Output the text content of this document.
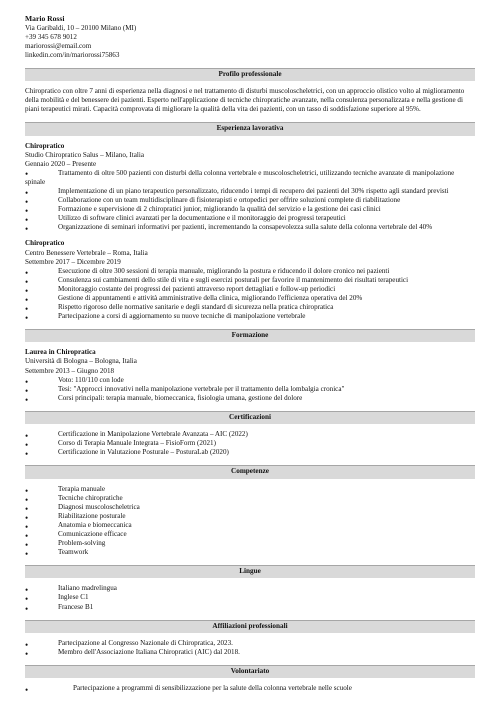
Mario Rossi
Via Garibaldi, 10 – 20100 Milano (MI)
+39 345 678 9012
mariorossi@email.com
linkedin.com/in/mariorossi75863
Profilo professionale

Chiropratico con oltre 7 anni di esperienza nella diagnosi e nel trattamento di disturbi muscoloscheletrici, con un approccio olistico volto al miglioramento della mobilità e del benessere dei pazienti. Esperto nell'applicazione di tecniche chiropratiche avanzate, nella consulenza personalizzata e nella gestione di piani terapeutici mirati. Capacità comprovata di migliorare la qualità della vita dei pazienti, con un tasso di soddisfazione superiore al 95%.

Esperienza lavorativa
Chiropratico
Studio Chiropratico Salus – Milano, Italia
Gennaio 2020 – Presente
•	Trattamento di oltre 500 pazienti con disturbi della colonna vertebrale e muscoloscheletrici, utilizzando tecniche avanzate di manipolazione spinale
• Implementazione di un piano terapeutico personalizzato, riducendo i tempi di recupero dei pazienti del 30% rispetto agli standard previsti
• Collaborazione con un team multidisciplinare di fisioterapisti e ortopedici per offrire soluzioni complete di riabilitazione
• Formazione e supervisione di 2 chiropratici junior, migliorando la qualità del servizio e la gestione dei casi clinici
• Utilizzo di software clinici avanzati per la documentazione e il monitoraggio dei progressi terapeutici
• Organizzazione di seminari informativi per pazienti, incrementando la consapevolezza sulla salute della colonna vertebrale del 40%
Chiropratico
Centro Benessere Vertebrale – Roma, Italia
Settembre 2017 – Dicembre 2019
• Esecuzione di oltre 300 sessioni di terapia manuale, migliorando la postura e riducendo il dolore cronico nei pazienti
• Consulenza sui cambiamenti dello stile di vita e sugli esercizi posturali per favorire il mantenimento dei risultati terapeutici
• Monitoraggio costante dei progressi dei pazienti attraverso report dettagliati e follow-up periodici
• Gestione di appuntamenti e attività amministrative della clinica, migliorando l'efficienza operativa del 20%
• Rispetto rigoroso delle normative sanitarie e degli standard di sicurezza nella pratica chiropratica
• Partecipazione a corsi di aggiornamento su nuove tecniche di manipolazione vertebrale
Formazione
Laurea in Chiropratica
Università di Bologna – Bologna, Italia
Settembre 2013 – Giugno 2018
• Voto: 110/110 con lode
• Tesi: "Approcci innovativi nella manipolazione vertebrale per il trattamento della lombalgia cronica"
• Corsi principali: terapia manuale, biomeccanica, fisiologia umana, gestione del dolore
Certificazioni
• Certificazione in Manipolazione Vertebrale Avanzata – AIC (2022)
• Corso di Terapia Manuale Integrata – FisioForm (2021)
• Certificazione in Valutazione Posturale – PosturaLab (2020)
Competenze
• Terapia manuale
• Tecniche chiropratiche
• Diagnosi muscoloscheletrica
• Riabilitazione posturale
• Anatomia e biomeccanica
• Comunicazione efficace
• Problem-solving
• Teamwork
Lingue
• Italiano madrelingua
• Inglese C1
• Francese B1
Affiliazioni professionali
• Partecipazione al Congresso Nazionale di Chiropratica, 2023.
• Membro dell'Associazione Italiana Chiropratici (AIC) dal 2018.
Volontariato
• Partecipazione a programmi di sensibilizzazione per la salute della colonna vertebrale nelle scuole
